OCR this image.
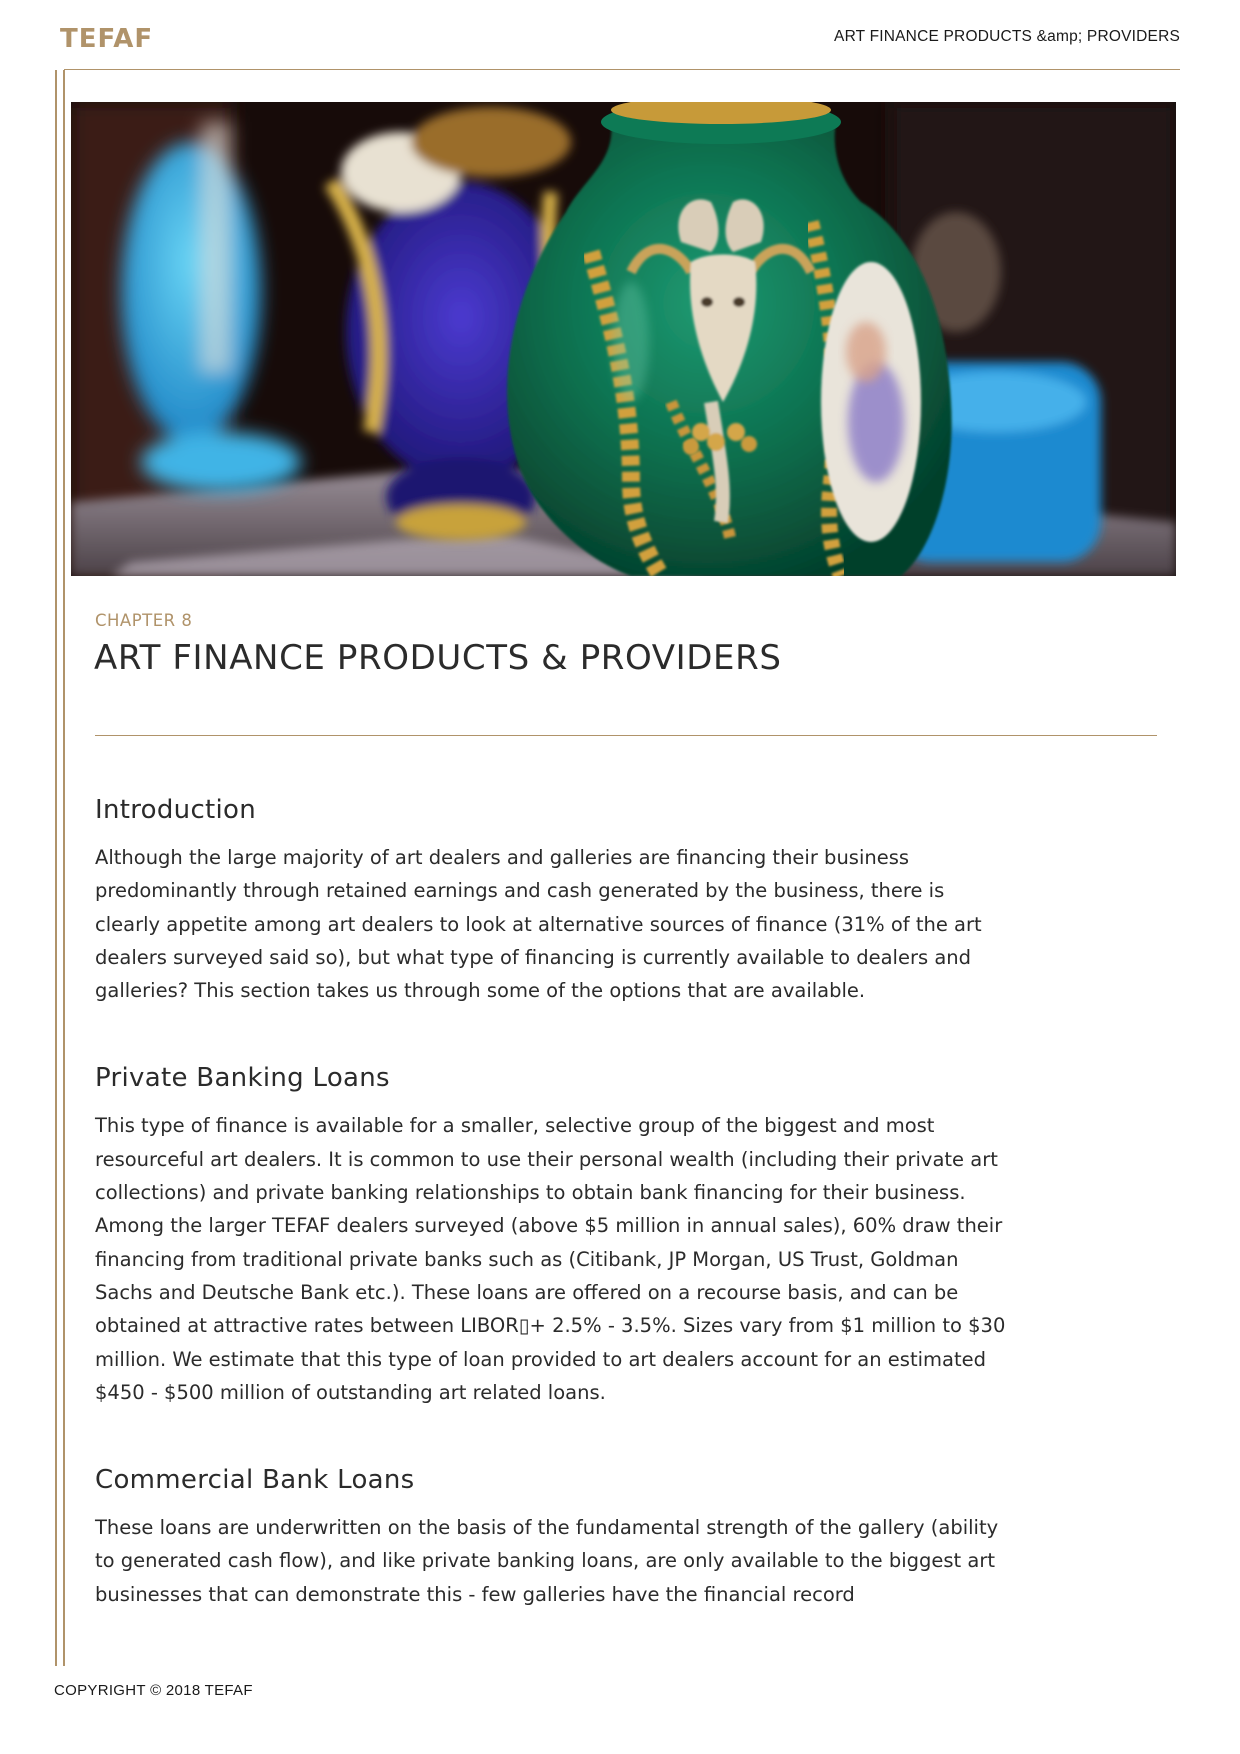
TEFAF	ART FINANCE PRODUCTS &amp; PROVIDERS
CHAPTER 8
ART FINANCE PRODUCTS & PROVIDERS
Introduction

Although the large majority of art dealers and galleries are financing their business predominantly through retained earnings and cash generated by the business, there is clearly appetite among art dealers to look at alternative sources of finance (31% of the art dealers surveyed said so), but what type of financing is currently available to dealers and galleries? This section takes us through some of the options that are available.

Private Banking Loans

This type of finance is available for a smaller, selective group of the biggest and most resourceful art dealers. It is common to use their personal wealth (including their private art collections) and private banking relationships to obtain bank financing for their business. Among the larger TEFAF dealers surveyed (above $5 million in annual sales), 60% draw their financing from traditional private banks such as (Citibank, JP Morgan, US Trust, Goldman Sachs and Deutsche Bank etc.). These loans are offered on a recourse basis, and can be obtained at attractive rates between LIBOR▯+ 2.5% - 3.5%. Sizes vary from $1 million to $30 million. We estimate that this type of loan provided to art dealers account for an estimated $450 - $500 million of outstanding art related loans.

Commercial Bank Loans

These loans are underwritten on the basis of the fundamental strength of the gallery (ability to generated cash flow), and like private banking loans, are only available to the biggest art businesses that can demonstrate this - few galleries have the financial record

COPYRIGHT © 2018 TEFAF
